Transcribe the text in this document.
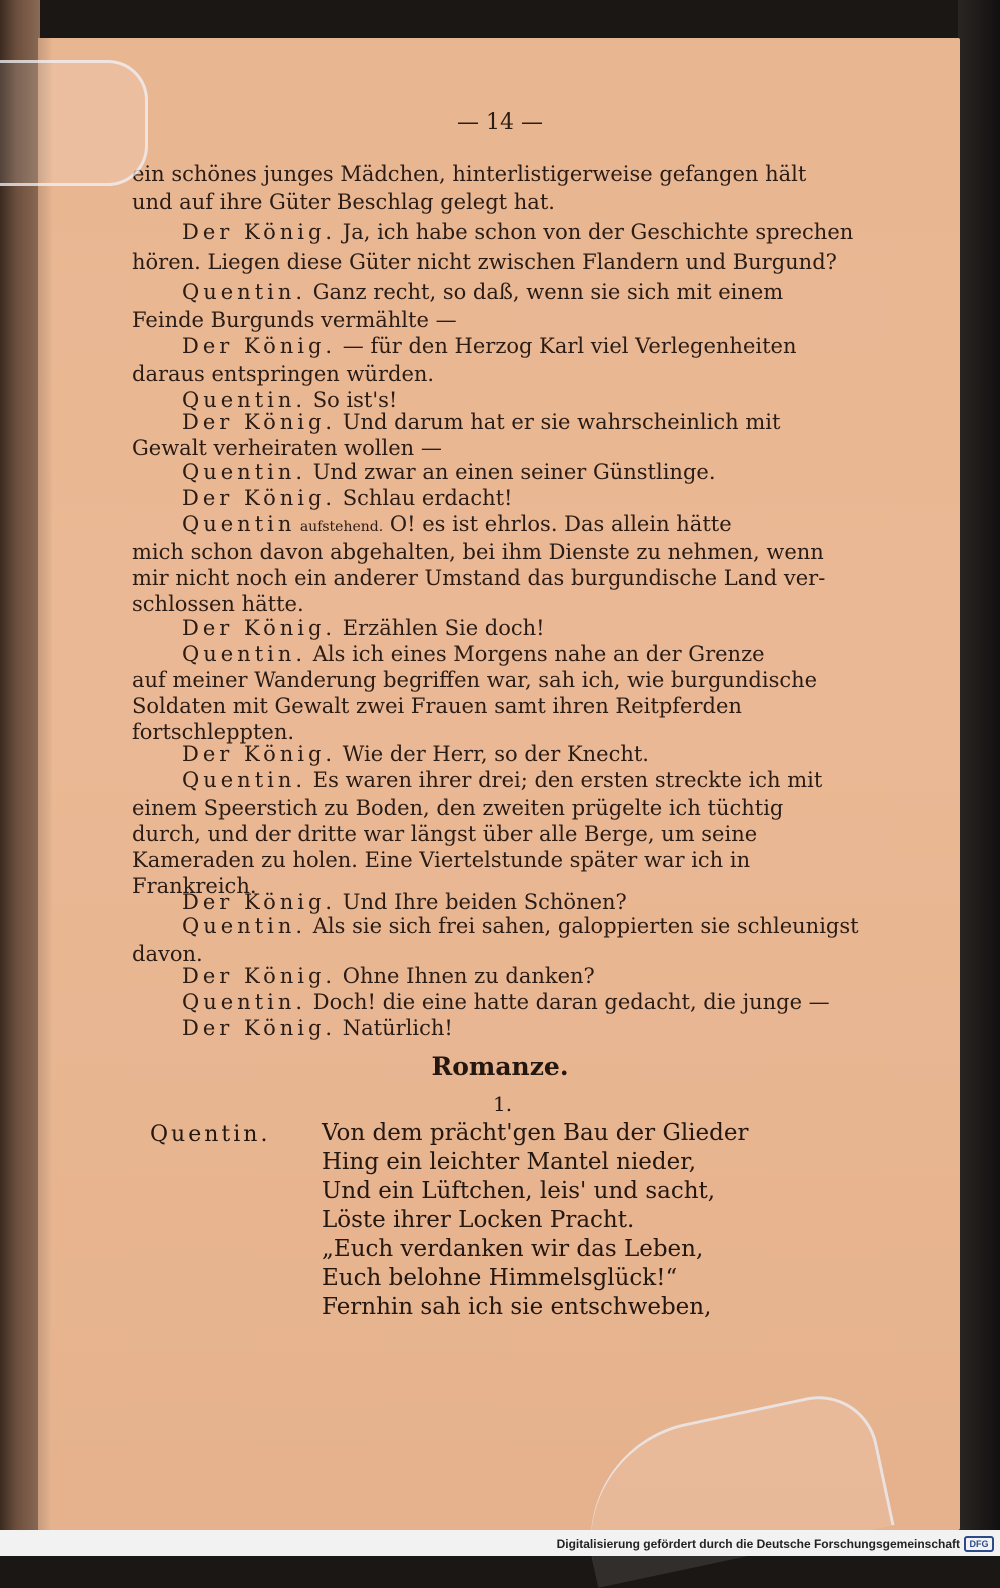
— 14 —
ein schönes junges Mädchen, hinterlistigerweise gefangen hält
und auf ihre Güter Beschlag gelegt hat.
Der König. Ja, ich habe schon von der Geschichte sprechen
hören. Liegen diese Güter nicht zwischen Flandern und Burgund?
Quentin. Ganz recht, so daß, wenn sie sich mit einem
Feinde Burgunds vermählte —
Der König. — für den Herzog Karl viel Verlegenheiten
daraus entspringen würden.
Quentin. So ist's!
Der König. Und darum hat er sie wahrscheinlich mit
Gewalt verheiraten wollen —
Quentin. Und zwar an einen seiner Günstlinge.
Der König. Schlau erdacht!
Quentin aufstehend. O! es ist ehrlos. Das allein hätte
mich schon davon abgehalten, bei ihm Dienste zu nehmen, wenn
mir nicht noch ein anderer Umstand das burgundische Land ver-
schlossen hätte.
Der König. Erzählen Sie doch!
Quentin. Als ich eines Morgens nahe an der Grenze
auf meiner Wanderung begriffen war, sah ich, wie burgundische
Soldaten mit Gewalt zwei Frauen samt ihren Reitpferden
fortschleppten.
Der König. Wie der Herr, so der Knecht.
Quentin. Es waren ihrer drei; den ersten streckte ich mit
einem Speerstich zu Boden, den zweiten prügelte ich tüchtig
durch, und der dritte war längst über alle Berge, um seine
Kameraden zu holen. Eine Viertelstunde später war ich in
Frankreich.
Der König. Und Ihre beiden Schönen?
Quentin. Als sie sich frei sahen, galoppierten sie schleunigst
davon.
Der König. Ohne Ihnen zu danken?
Quentin. Doch! die eine hatte daran gedacht, die junge —
Der König. Natürlich!
Romanze.
1.
Quentin. Von dem prächt'gen Bau der Glieder
Hing ein leichter Mantel nieder,
Und ein Lüftchen, leis' und sacht,
Löste ihrer Locken Pracht.
„Euch verdanken wir das Leben,
Euch belohne Himmelsglück!“
Fernhin sah ich sie entschweben,
Digitalisierung gefördert durch die Deutsche Forschungsgemeinschaft	DFG
